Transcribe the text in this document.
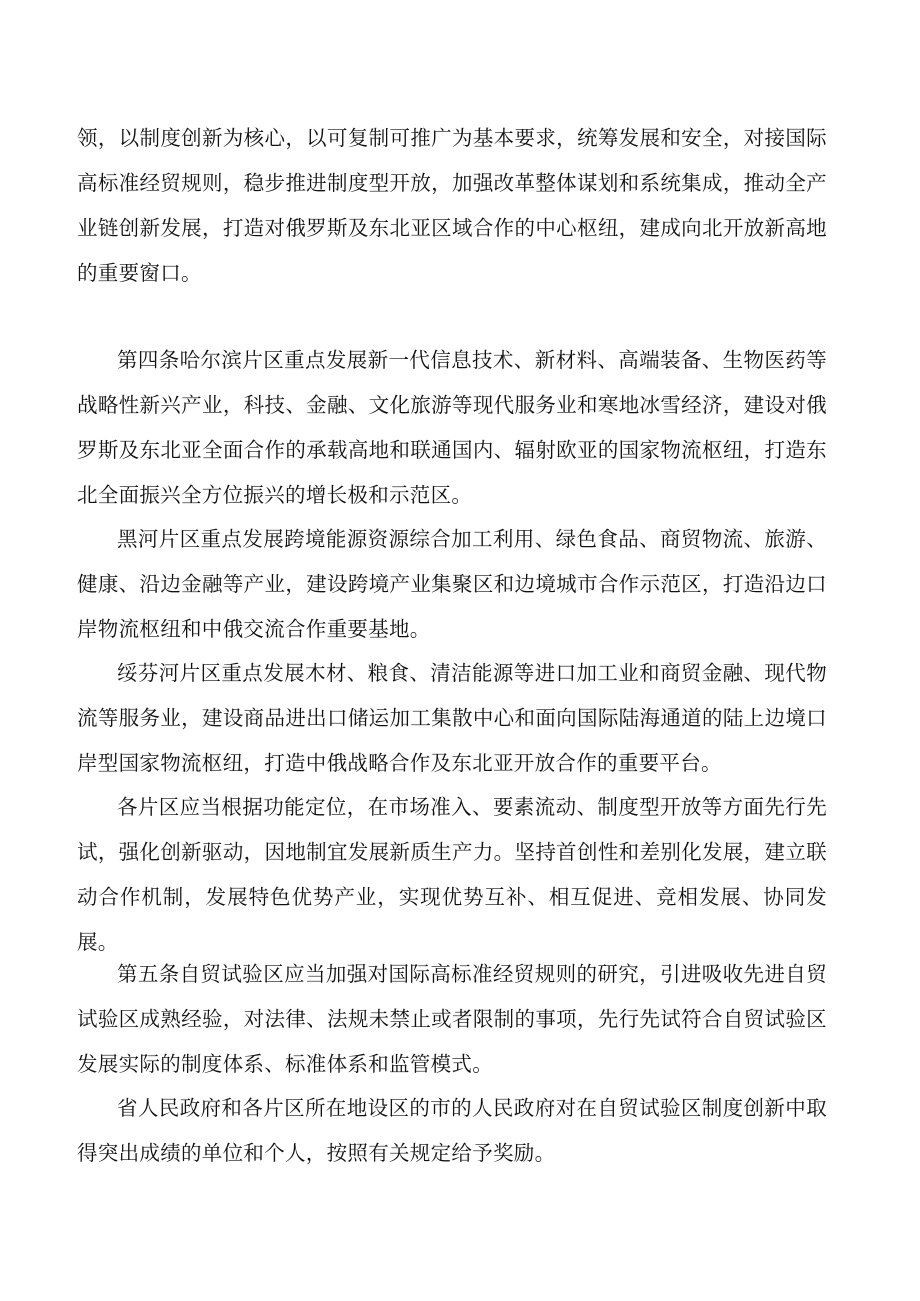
领，以制度创新为核心，以可复制可推广为基本要求，统筹发展和安全，对接国际高标准经贸规则，稳步推进制度型开放，加强改革整体谋划和系统集成，推动全产业链创新发展，打造对俄罗斯及东北亚区域合作的中心枢纽，建成向北开放新高地的重要窗口。

第四条哈尔滨片区重点发展新一代信息技术、新材料、高端装备、生物医药等战略性新兴产业，科技、金融、文化旅游等现代服务业和寒地冰雪经济，建设对俄罗斯及东北亚全面合作的承载高地和联通国内、辐射欧亚的国家物流枢纽，打造东北全面振兴全方位振兴的增长极和示范区。

黑河片区重点发展跨境能源资源综合加工利用、绿色食品、商贸物流、旅游、健康、沿边金融等产业，建设跨境产业集聚区和边境城市合作示范区，打造沿边口岸物流枢纽和中俄交流合作重要基地。

绥芬河片区重点发展木材、粮食、清洁能源等进口加工业和商贸金融、现代物流等服务业，建设商品进出口储运加工集散中心和面向国际陆海通道的陆上边境口岸型国家物流枢纽，打造中俄战略合作及东北亚开放合作的重要平台。

各片区应当根据功能定位，在市场准入、要素流动、制度型开放等方面先行先试，强化创新驱动，因地制宜发展新质生产力。坚持首创性和差别化发展，建立联动合作机制，发展特色优势产业，实现优势互补、相互促进、竞相发展、协同发展。

第五条自贸试验区应当加强对国际高标准经贸规则的研究，引进吸收先进自贸试验区成熟经验，对法律、法规未禁止或者限制的事项，先行先试符合自贸试验区发展实际的制度体系、标准体系和监管模式。

省人民政府和各片区所在地设区的市的人民政府对在自贸试验区制度创新中取得突出成绩的单位和个人，按照有关规定给予奖励。
